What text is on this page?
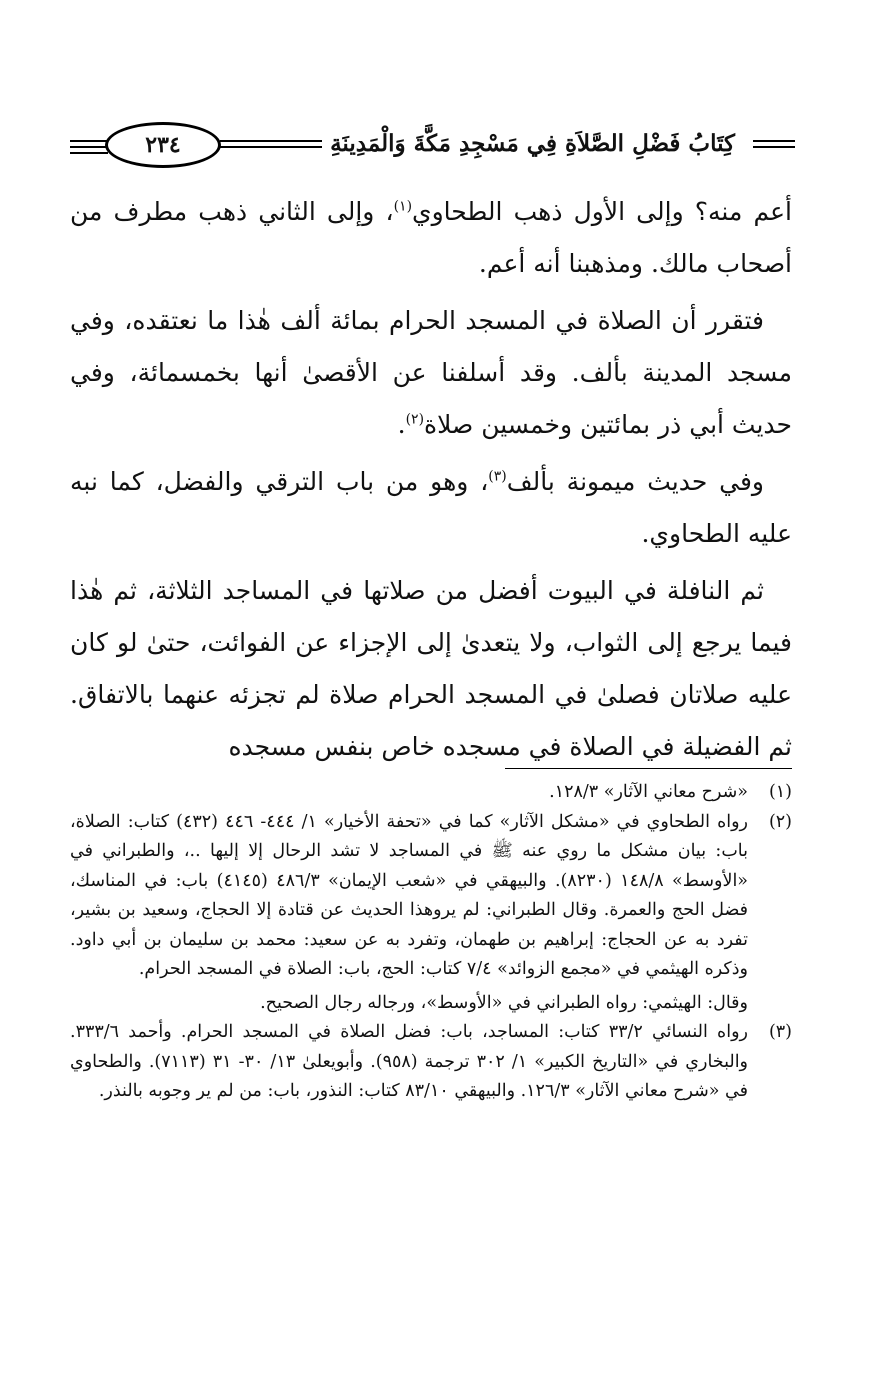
كِتَابُ فَضْلِ الصَّلاَةِ فِي مَسْجِدِ مَكَّةَ وَالْمَدِينَةِ
٢٣٤

أعم منه؟ وإلى الأول ذهب الطحاوي$^{(١)}$، وإلى الثاني ذهب مطرف من أصحاب مالك. ومذهبنا أنه أعم.

فتقرر أن الصلاة في المسجد الحرام بمائة ألف هٰذا ما نعتقده، وفي مسجد المدينة بألف. وقد أسلفنا عن الأقصىٰ أنها بخمسمائة، وفي حديث أبي ذر بمائتين وخمسين صلاة$^{(٢)}$.

وفي حديث ميمونة بألف$^{(٣)}$، وهو من باب الترقي والفضل، كما نبه عليه الطحاوي.

ثم النافلة في البيوت أفضل من صلاتها في المساجد الثلاثة، ثم هٰذا فيما يرجع إلى الثواب، ولا يتعدىٰ إلى الإجزاء عن الفوائت، حتىٰ لو كان عليه صلاتان فصلىٰ في المسجد الحرام صلاة لم تجزئه عنهما بالاتفاق. ثم الفضيلة في الصلاة في مسجده خاص بنفس مسجده

(١)
«شرح معاني الآثار» ١٢٨/٣.
(٢)
رواه الطحاوي في «مشكل الآثار» كما في «تحفة الأخيار» ١/ ٤٤٤- ٤٤٦ (٤٣٢) كتاب: الصلاة، باب: بيان مشكل ما روي عنه ﷺ في المساجد لا تشد الرحال إلا إليها ..، والطبراني في «الأوسط» ١٤٨/٨ (٨٢٣٠). والبيهقي في «شعب الإيمان» ٤٨٦/٣ (٤١٤٥) باب: في المناسك، فضل الحج والعمرة. وقال الطبراني: لم يروهذا الحديث عن قتادة إلا الحجاج، وسعيد بن بشير، تفرد به عن الحجاج: إبراهيم بن طهمان، وتفرد به عن سعيد: محمد بن سليمان بن أبي داود. وذكره الهيثمي في «مجمع الزوائد» ٧/٤ كتاب: الحج، باب: الصلاة في المسجد الحرام.
وقال: الهيثمي: رواه الطبراني في «الأوسط»، ورجاله رجال الصحيح.
(٣)
رواه النسائي ٣٣/٢ كتاب: المساجد، باب: فضل الصلاة في المسجد الحرام. وأحمد ٣٣٣/٦. والبخاري في «التاريخ الكبير» ١/ ٣٠٢ ترجمة (٩٥٨). وأبويعلىٰ ١٣/ ٣٠- ٣١ (٧١١٣). والطحاوي في «شرح معاني الآثار» ١٢٦/٣. والبيهقي ٨٣/١٠ كتاب: النذور، باب: من لم ير وجوبه بالنذر.
